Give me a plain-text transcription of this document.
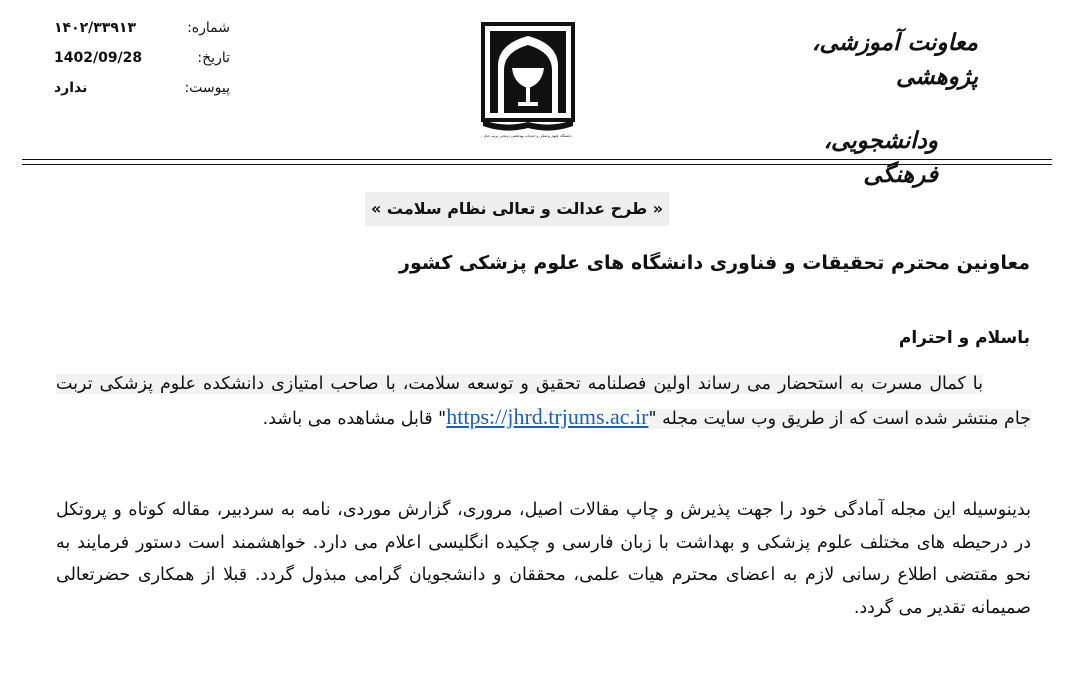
شماره:
۱۴۰۲/۳۳۹۱۳
تاریخ:
1402/09/28
پیوست:
ندارد
دانشگاه علوم پزشکی و خدمات بهداشتی درمانی تربت جام
معاونت آموزشی، پژوهشی
ودانشجویی، فرهنگی
« طرح عدالت و تعالی نظام سلامت »
معاونین محترم تحقیقات و فناوری دانشگاه های علوم پزشکی کشور
باسلام و احترام
با کمال مسرت به استحضار می رساند اولین فصلنامه تحقیق و توسعه سلامت، با صاحب امتیازی دانشکده علوم پزشکی تربت جام منتشر شده است که از طریق وب سایت مجله "https://jhrd.trjums.ac.ir" قابل مشاهده می باشد.
بدینوسیله این مجله آمادگی خود را جهت پذیرش و چاپ مقالات اصیل، مروری، گزارش موردی، نامه به سردبیر، مقاله کوتاه و پروتکل در درحیطه های مختلف علوم پزشکی و بهداشت با زبان فارسی و چکیده انگلیسی اعلام می دارد. خواهشمند است دستور فرمایند به نحو مقتضی اطلاع رسانی لازم به اعضای محترم هیات علمی، محققان و دانشجویان گرامی مبذول گردد. قبلا از همکاری حضرتعالی صمیمانه تقدیر می گردد.
